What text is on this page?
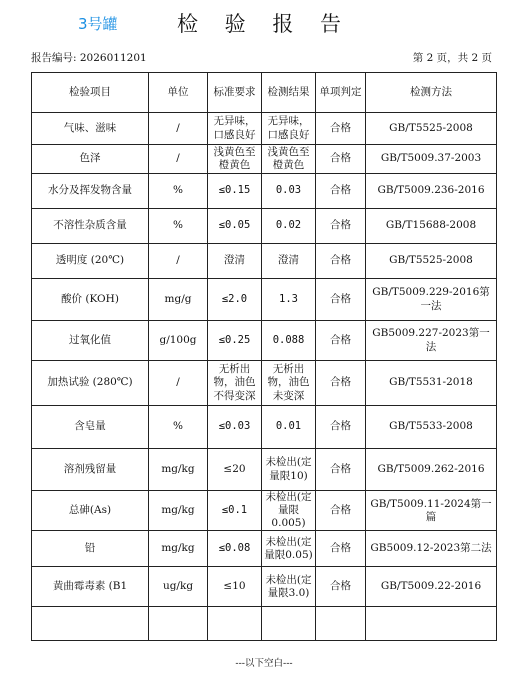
3号罐	检 验 报 告
报告编号: 2026011201	第 2 页，共 2 页
检验项目	单位	标准要求	检测结果	单项判定	检测方法
气味、滋味	/	无异味，口感良好	无异味，口感良好	合格	GB/T5525-2008
色泽	/	浅黄色至橙黄色	浅黄色至橙黄色	合格	GB/T5009.37-2003
水分及挥发物含量	%	≤0.15	0.03	合格	GB/T5009.236-2016
不溶性杂质含量	%	≤0.05	0.02	合格	GB/T15688-2008
透明度 (20℃)	/	澄清	澄清	合格	GB/T5525-2008
酸价 (KOH)	mg/g	≤2.0	1.3	合格	GB/T5009.229-2016第一法
过氧化值	g/100g	≤0.25	0.088	合格	GB5009.227-2023第一法
加热试验 (280℃)	/	无析出物，油色不得变深	无析出物，油色未变深	合格	GB/T5531-2018
含皂量	%	≤0.03	0.01	合格	GB/T5533-2008
溶剂残留量	mg/kg	≤20	未检出(定量限10)	合格	GB/T5009.262-2016
总砷(As)	mg/kg	≤0.1	未检出(定量限0.005)	合格	GB/T5009.11-2024第一篇
铅	mg/kg	≤0.08	未检出(定量限0.05)	合格	GB5009.12-2023第二法
黄曲霉毒素 (B1	ug/kg	≤10	未检出(定量限3.0)	合格	GB/T5009.22-2016

---以下空白---
